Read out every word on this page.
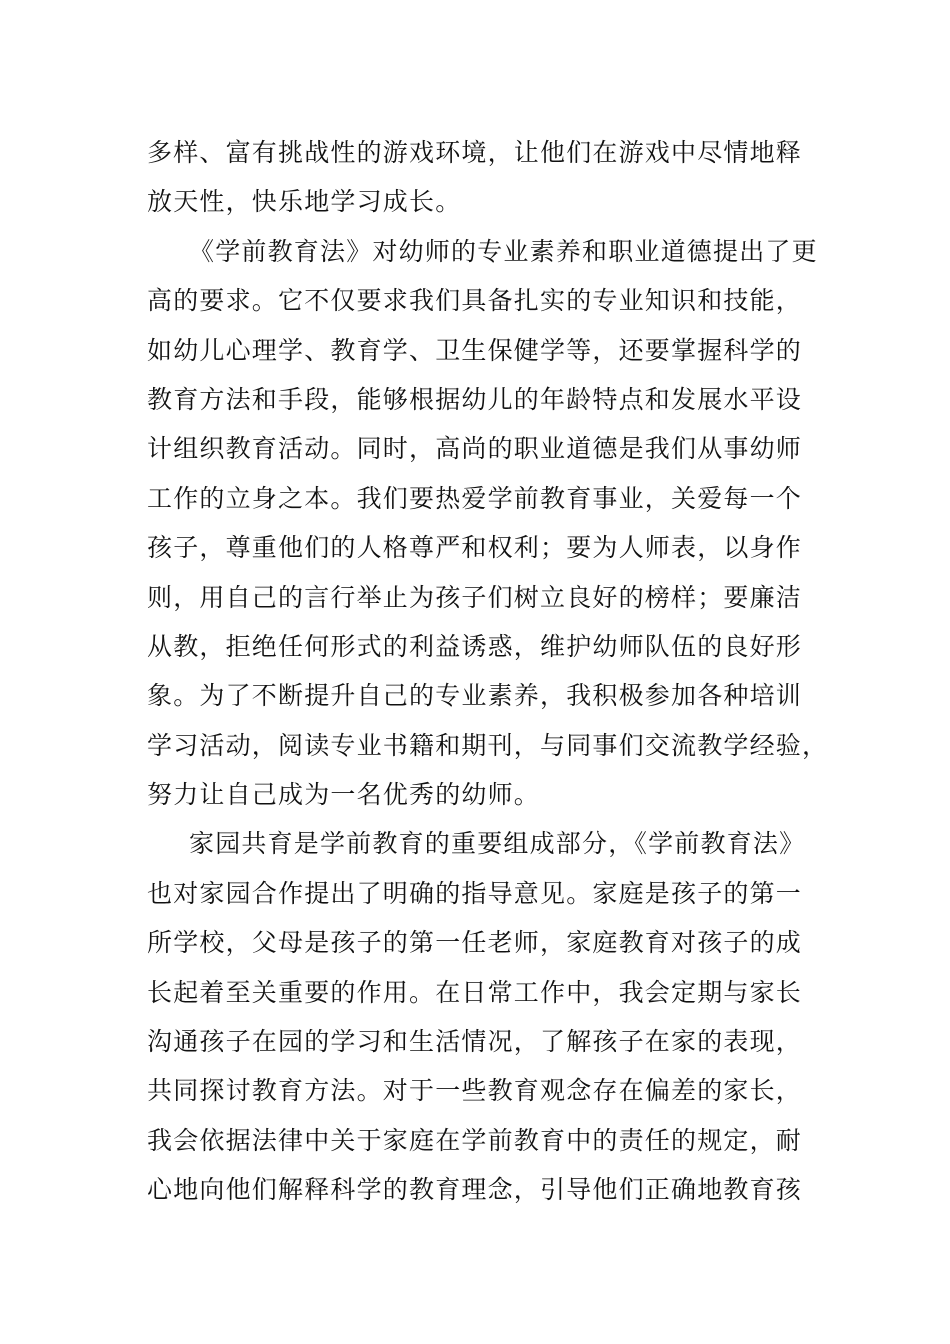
多样、富有挑战性的游戏环境，让他们在游戏中尽情地释
放天性，快乐地学习成长。
《学前教育法》对幼师的专业素养和职业道德提出了更
高的要求。它不仅要求我们具备扎实的专业知识和技能，
如幼儿心理学、教育学、卫生保健学等，还要掌握科学的
教育方法和手段，能够根据幼儿的年龄特点和发展水平设
计组织教育活动。同时，高尚的职业道德是我们从事幼师
工作的立身之本。我们要热爱学前教育事业，关爱每一个
孩子，尊重他们的人格尊严和权利；要为人师表，以身作
则，用自己的言行举止为孩子们树立良好的榜样；要廉洁
从教，拒绝任何形式的利益诱惑，维护幼师队伍的良好形
象。为了不断提升自己的专业素养，我积极参加各种培训
学习活动，阅读专业书籍和期刊，与同事们交流教学经验，
努力让自己成为一名优秀的幼师。
家园共育是学前教育的重要组成部分，《学前教育法》
也对家园合作提出了明确的指导意见。家庭是孩子的第一
所学校，父母是孩子的第一任老师，家庭教育对孩子的成
长起着至关重要的作用。在日常工作中，我会定期与家长
沟通孩子在园的学习和生活情况，了解孩子在家的表现，
共同探讨教育方法。对于一些教育观念存在偏差的家长，
我会依据法律中关于家庭在学前教育中的责任的规定，耐
心地向他们解释科学的教育理念，引导他们正确地教育孩
